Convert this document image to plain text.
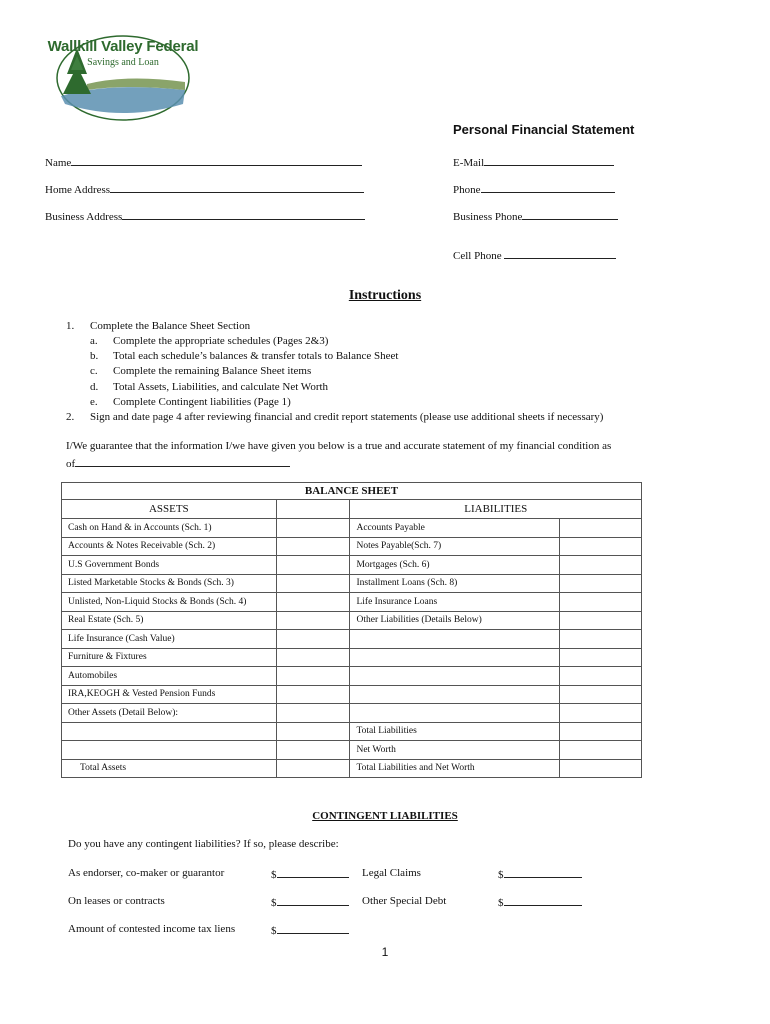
Wallkill Valley Federal
Savings and Loan
Personal Financial Statement
Name
Home Address
Business Address
E-Mail
Phone
Business Phone
Cell Phone
Instructions
1. Complete the Balance Sheet Section
a. Complete the appropriate schedules (Pages 2&3)
b. Total each schedule’s balances & transfer totals to Balance Sheet
c. Complete the remaining Balance Sheet items
d. Total Assets, Liabilities, and calculate Net Worth
e. Complete Contingent liabilities (Page 1)
2. Sign and date page 4 after reviewing financial and credit report statements (please use additional sheets if necessary)
I/We guarantee that the information I/we have given you below is a true and accurate statement of my financial condition as
of
BALANCE SHEET			
ASSETS		LIABILITIES	
Cash on Hand & in Accounts (Sch. 1)		Accounts Payable	
Accounts & Notes Receivable (Sch. 2)		Notes Payable(Sch. 7)	
U.S Government Bonds		Mortgages (Sch. 6)	
Listed Marketable Stocks & Bonds (Sch. 3)		Installment Loans (Sch. 8)	
Unlisted, Non-Liquid Stocks & Bonds (Sch. 4)		Life Insurance Loans	
Real Estate (Sch. 5)		Other Liabilities (Details Below)	
Life Insurance (Cash Value)			
Furniture & Fixtures			
Automobiles			
IRA,KEOGH & Vested Pension Funds			
Other Assets (Detail Below):			
		Total Liabilities	
		Net Worth	
Total Assets		Total Liabilities and Net Worth	
CONTINGENT LIABILITIES
Do you have any contingent liabilities? If so, please describe:
As endorser, co-maker or guarantor	$	Legal Claims	$
On leases or contracts	$	Other Special Debt	$
Amount of contested income tax liens	$
1
